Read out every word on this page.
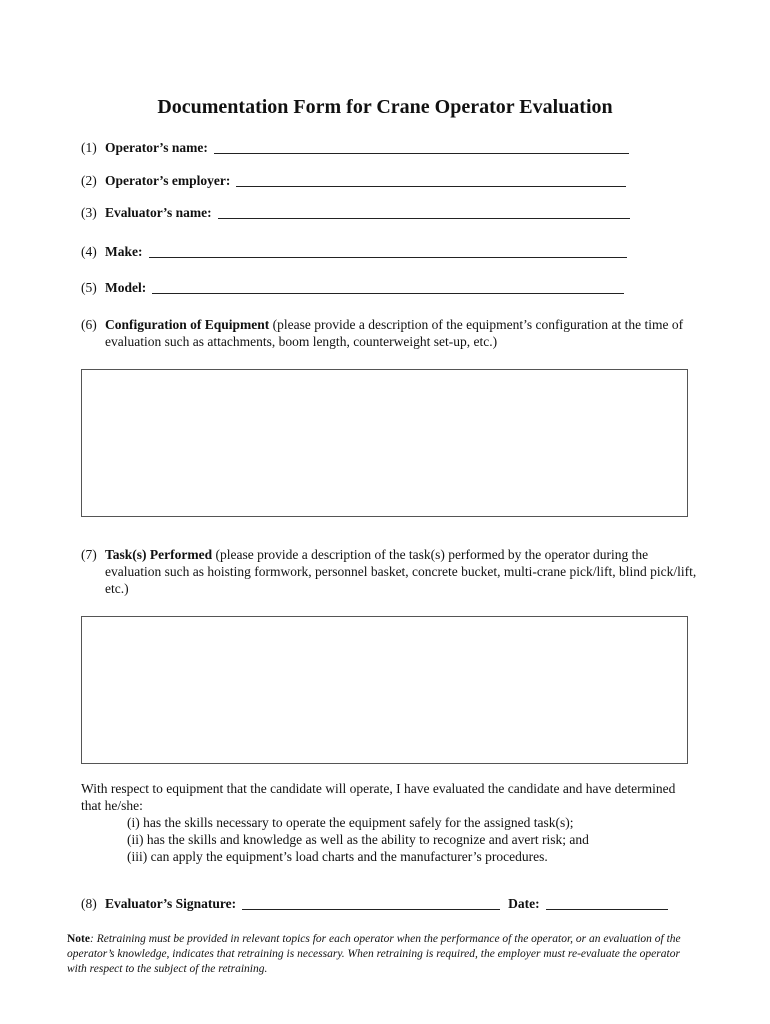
Documentation Form for Crane Operator Evaluation
(1) Operator’s name:
(2) Operator’s employer:
(3) Evaluator’s name:
(4) Make:
(5) Model:
(6) Configuration of Equipment (please provide a description of the equipment’s configuration at the time of evaluation such as attachments, boom length, counterweight set-up, etc.)
(7) Task(s) Performed (please provide a description of the task(s) performed by the operator during the evaluation such as hoisting formwork, personnel basket, concrete bucket, multi-crane pick/lift, blind pick/lift, etc.)
With respect to equipment that the candidate will operate, I have evaluated the candidate and have determined that he/she:
(i) has the skills necessary to operate the equipment safely for the assigned task(s);
(ii) has the skills and knowledge as well as the ability to recognize and avert risk; and
(iii) can apply the equipment’s load charts and the manufacturer’s procedures.
(8) Evaluator’s Signature:	Date:
Note: Retraining must be provided in relevant topics for each operator when the performance of the operator, or an evaluation of the operator’s knowledge, indicates that retraining is necessary. When retraining is required, the employer must re-evaluate the operator with respect to the subject of the retraining.
